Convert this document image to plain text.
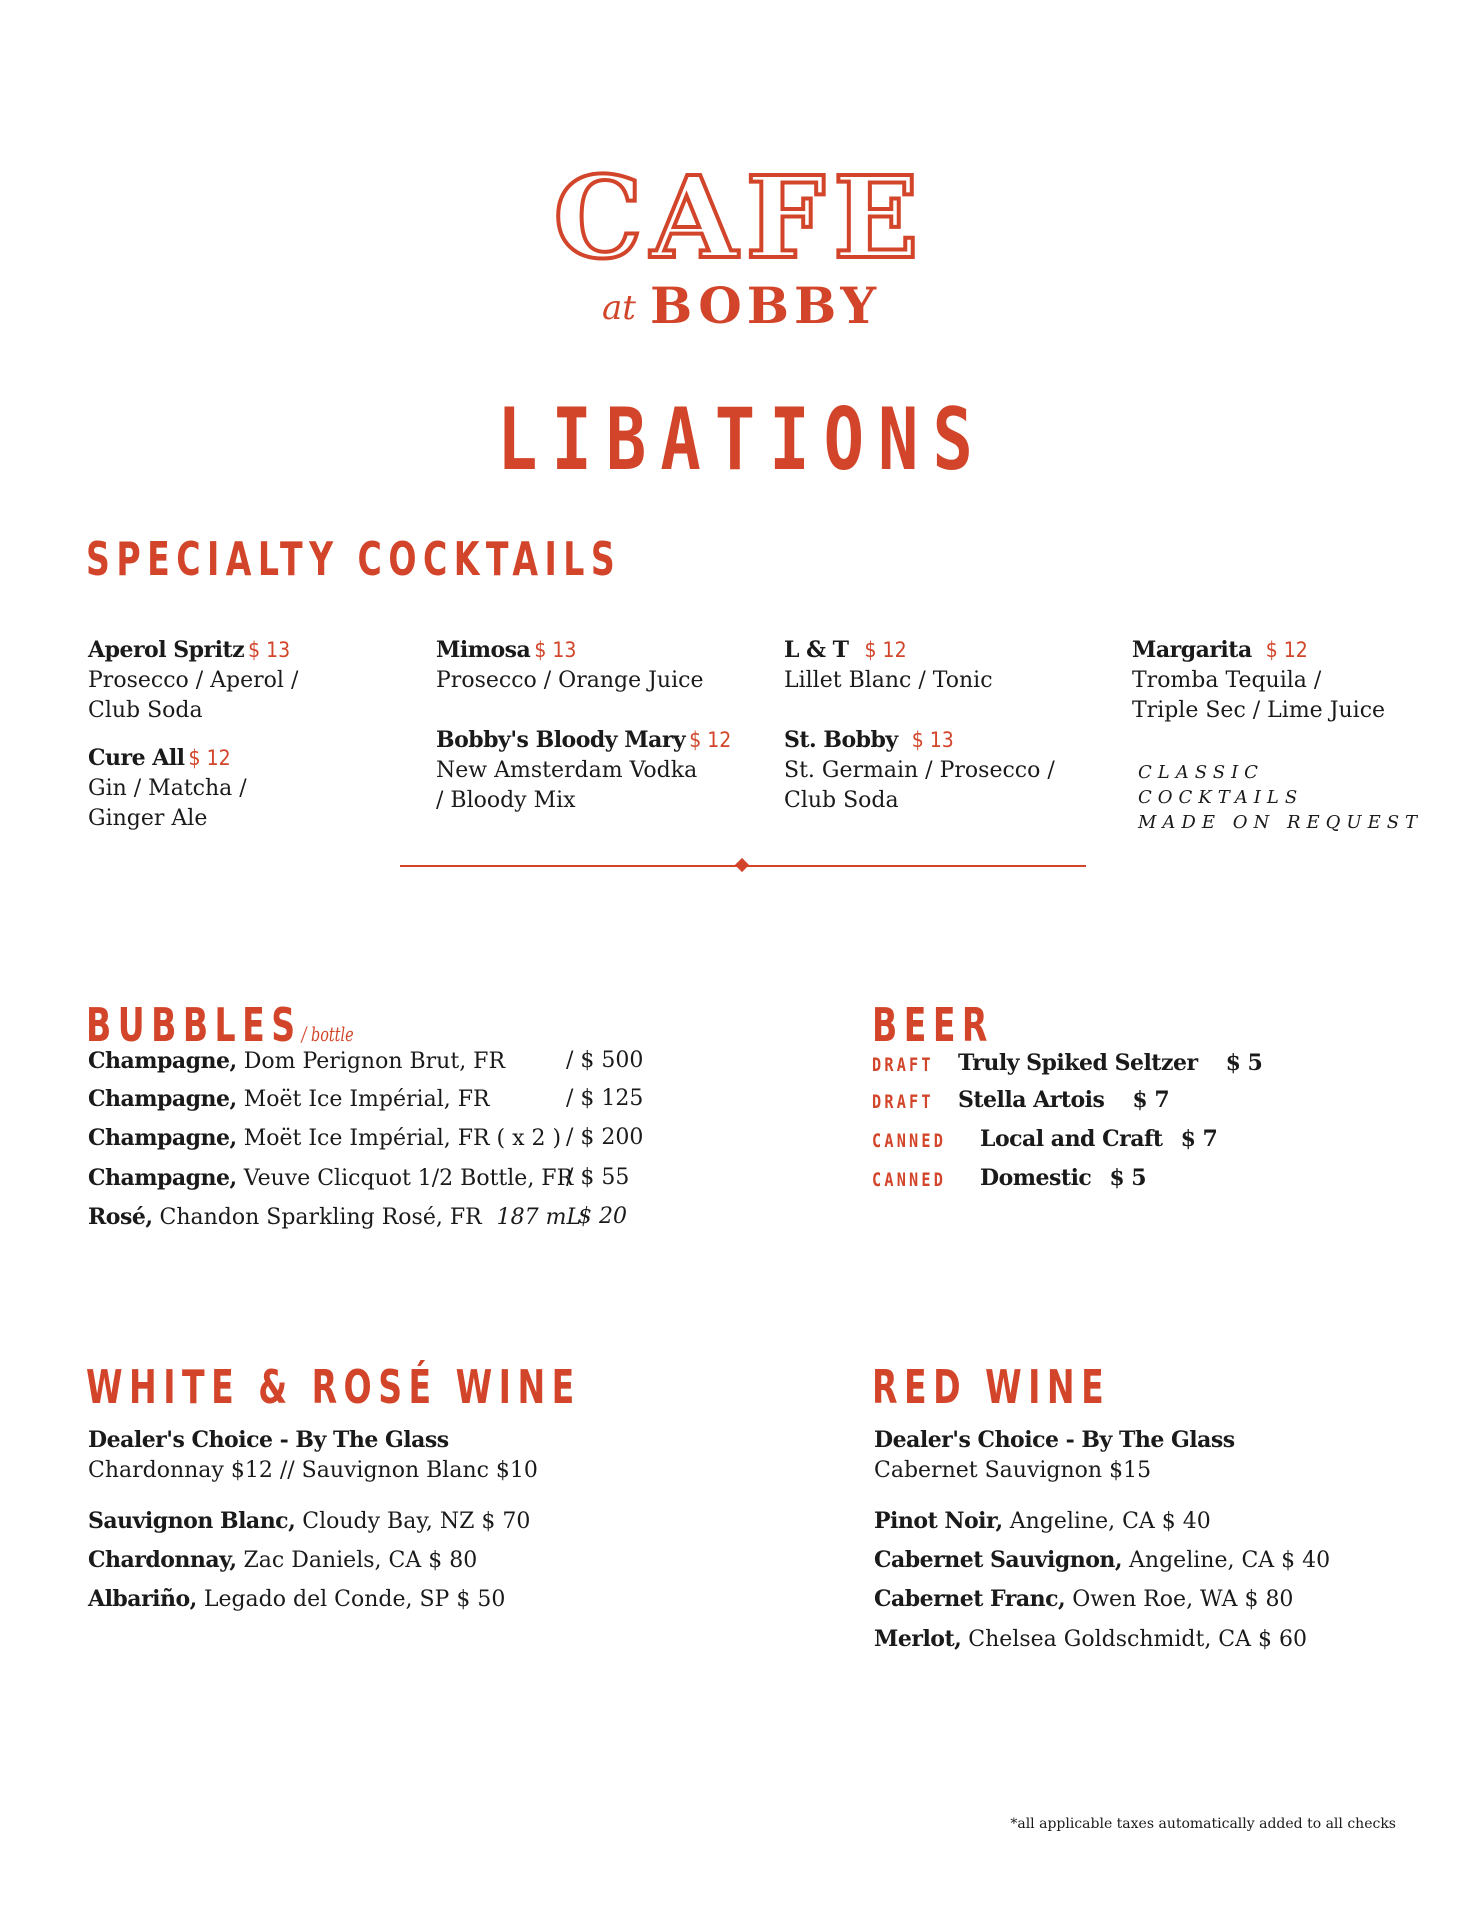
CAFE
at BOBBY
LIBATIONS
SPECIALTY COCKTAILS
Aperol Spritz $ 13
Prosecco / Aperol /
Club Soda
Cure All $ 12
Gin / Matcha /
Ginger Ale
Mimosa $ 13
Prosecco / Orange Juice
Bobby's Bloody Mary $ 12
New Amsterdam Vodka
/ Bloody Mix
L & T $ 12
Lillet Blanc / Tonic
St. Bobby $ 13
St. Germain / Prosecco /
Club Soda
Margarita $ 12
Tromba Tequila /
Triple Sec / Lime Juice
CLASSIC
COCKTAILS
MADE ON REQUEST
BUBBLES/ bottle
Champagne, Dom Perignon Brut, FR	/ $ 500
Champagne, Moët Ice Impérial, FR	/ $ 125
Champagne, Moët Ice Impérial, FR ( x 2 ) / $ 200
Champagne, Veuve Clicquot 1/2 Bottle, FR
/ $ 55
Rosé, Chandon Sparkling Rosé, FR 187 mL
$ 20
BEER
DRAFT Truly Spiked Seltzer $ 5
DRAFT Stella Artois $ 7
CANNED Local and Craft $ 7
CANNED Domestic $ 5
WHITE & ROSÉ WINE
Dealer's Choice - By The Glass
Chardonnay $12 // Sauvignon Blanc $10
Sauvignon Blanc, Cloudy Bay, NZ $ 70
Chardonnay, Zac Daniels, CA $ 80
Albariño, Legado del Conde, SP $ 50
RED WINE
Dealer's Choice - By The Glass
Cabernet Sauvignon $15
Pinot Noir, Angeline, CA $ 40
Cabernet Sauvignon, Angeline, CA $ 40
Cabernet Franc, Owen Roe, WA $ 80
Merlot, Chelsea Goldschmidt, CA $ 60
*all applicable taxes automatically added to all checks
